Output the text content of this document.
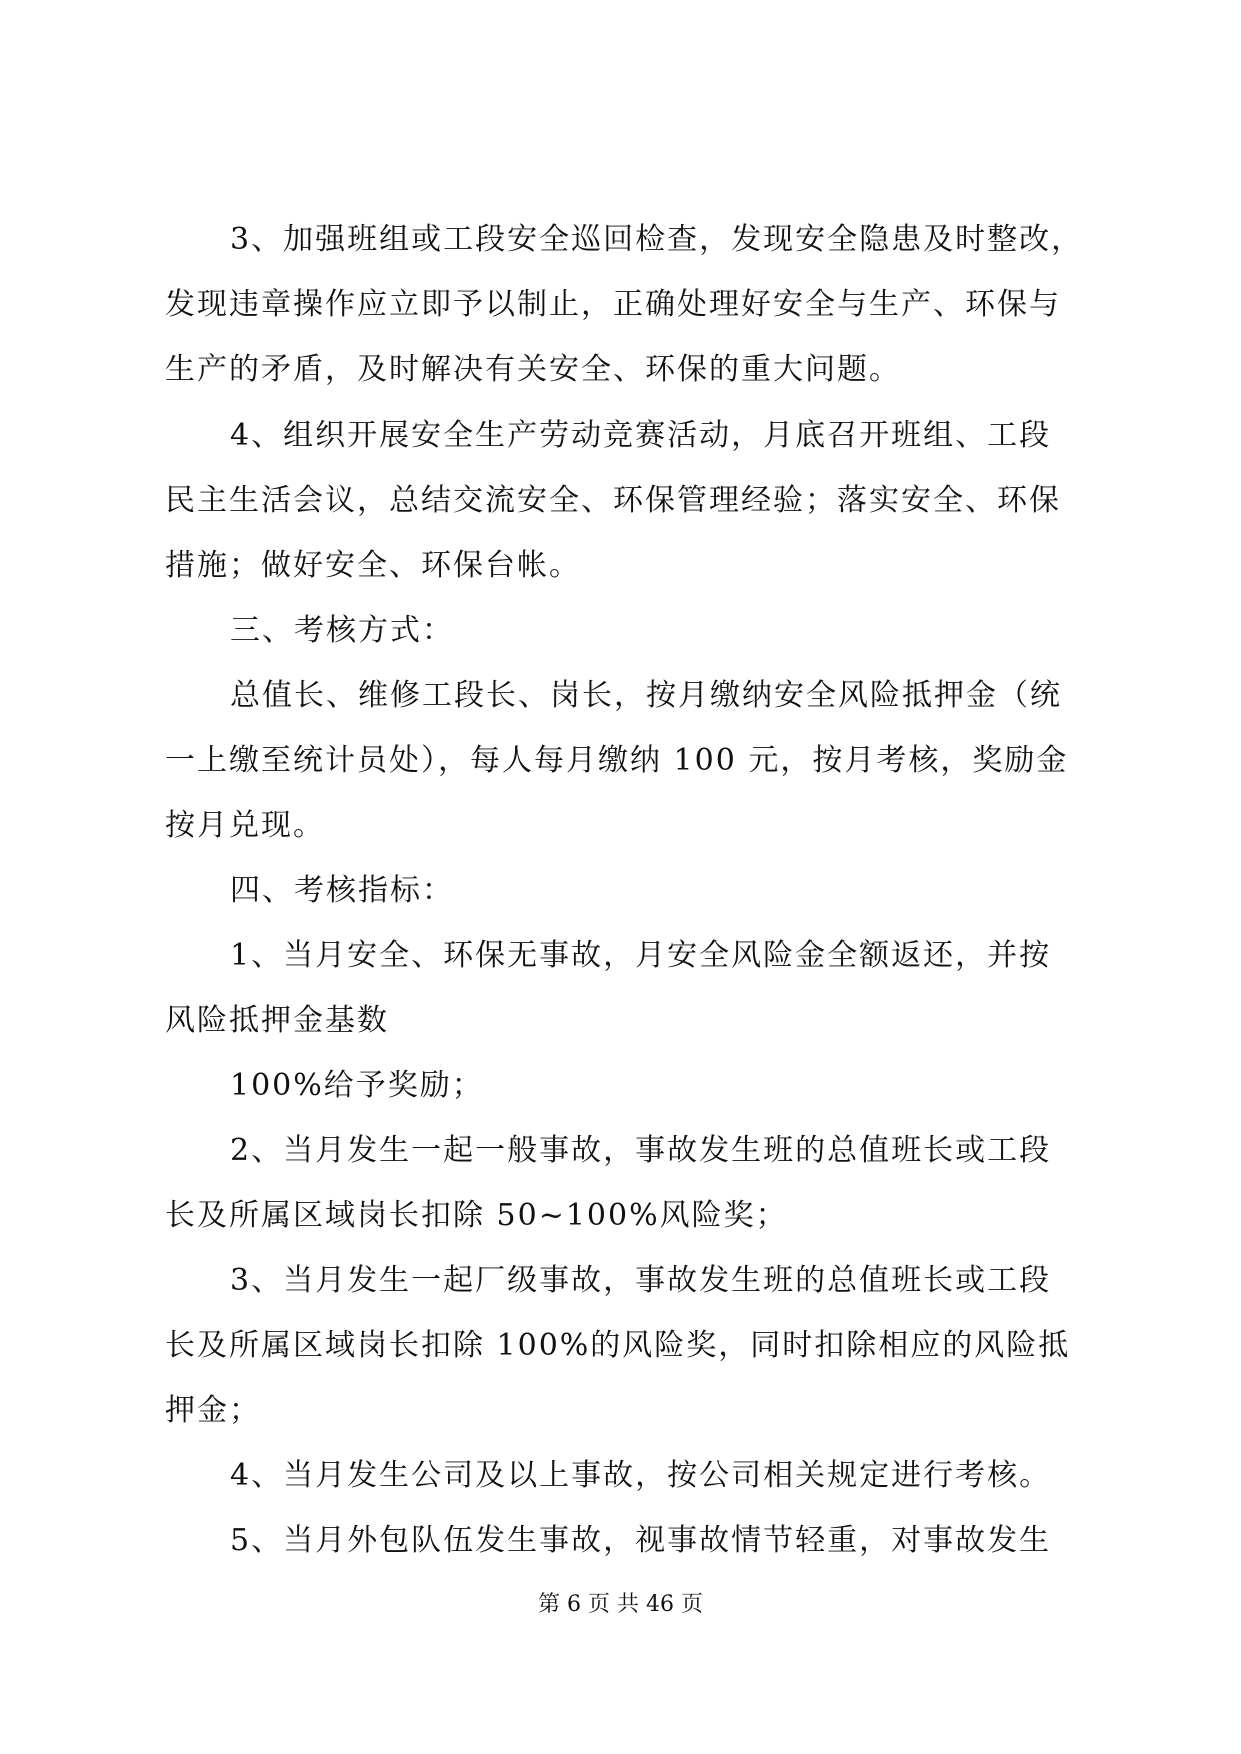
3、加强班组或工段安全巡回检查，发现安全隐患及时整改，
发现违章操作应立即予以制止，正确处理好安全与生产、环保与
生产的矛盾，及时解决有关安全、环保的重大问题。
4、组织开展安全生产劳动竞赛活动，月底召开班组、工段
民主生活会议，总结交流安全、环保管理经验；落实安全、环保
措施；做好安全、环保台帐。
三、考核方式：
总值长、维修工段长、岗长，按月缴纳安全风险抵押金（统
一上缴至统计员处），每人每月缴纳 100 元，按月考核，奖励金
按月兑现。
四、考核指标：
1、当月安全、环保无事故，月安全风险金全额返还，并按
风险抵押金基数
100%给予奖励；
2、当月发生一起一般事故，事故发生班的总值班长或工段
长及所属区域岗长扣除 50~100%风险奖；
3、当月发生一起厂级事故，事故发生班的总值班长或工段
长及所属区域岗长扣除 100%的风险奖，同时扣除相应的风险抵
押金；
4、当月发生公司及以上事故，按公司相关规定进行考核。
5、当月外包队伍发生事故，视事故情节轻重，对事故发生
第 6 页 共 46 页
